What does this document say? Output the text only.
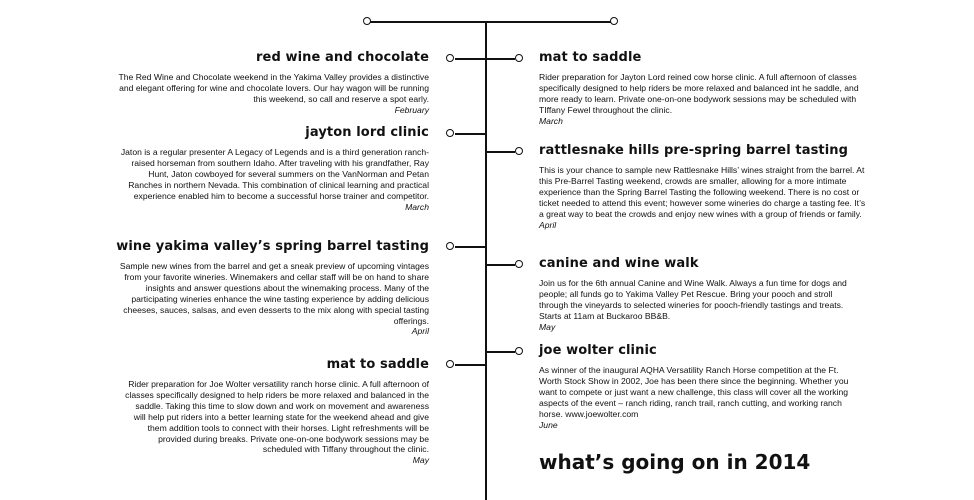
red wine and chocolate

The Red Wine and Chocolate weekend in the Yakima Valley provides a distinctive and elegant offering for wine and chocolate lovers. Our hay wagon will be running this weekend, so call and reserve a spot early.

February
jayton lord clinic

Jaton is a regular presenter A Legacy of Legends and is a third generation ranch-raised horseman from southern Idaho. After traveling with his grandfather, Ray Hunt, Jaton cowboyed for several summers on the VanNorman and Petan Ranches in northern Nevada. This combination of clinical learning and practical experience enabled him to become a successful horse trainer and competitor.

March
wine yakima valley’s spring barrel tasting

Sample new wines from the barrel and get a sneak preview of upcoming vintages from your favorite wineries. Winemakers and cellar staff will be on hand to share insights and answer questions about the winemaking process. Many of the participating wineries enhance the wine tasting experience by adding delicious cheeses, sauces, salsas, and even desserts to the mix along with special tasting offerings.

April
mat to saddle

Rider preparation for Joe Wolter versatility ranch horse clinic. A full afternoon of classes specifically designed to help riders be more relaxed and balanced in the saddle. Taking this time to slow down and work on movement and awareness will help put riders into a better learning state for the weekend ahead and give them addition tools to connect with their horses. Light refreshments will be provided during breaks. Private one-on-one bodywork sessions may be scheduled with Tiffany throughout the clinic.

May
mat to saddle

Rider preparation for Jayton Lord reined cow horse clinic. A full afternoon of classes specifically designed to help riders be more relaxed and balanced int he saddle, and more ready to learn. Private one-on-one bodywork sessions may be scheduled with TIffany Fewel throughout the clinic.

March
rattlesnake hills pre-spring barrel tasting

This is your chance to sample new Rattlesnake Hills’ wines straight from the barrel. At this Pre-Barrel Tasting weekend, crowds are smaller, allowing for a more intimate experience than the Spring Barrel Tasting the following weekend. There is no cost or ticket needed to attend this event; however some wineries do charge a tasting fee. It’s a great way to beat the crowds and enjoy new wines with a group of friends or family.

April
canine and wine walk

Join us for the 6th annual Canine and Wine Walk. Always a fun time for dogs and people; all funds go to Yakima Valley Pet Rescue. Bring your pooch and stroll through the vineyards to selected wineries for pooch-friendly tastings and treats. Starts at 11am at Buckaroo BB&B.

May
joe wolter clinic

As winner of the inaugural AQHA Versatility Ranch Horse competition at the Ft. Worth Stock Show in 2002, Joe has been there since the beginning. Whether you want to compete or just want a new challenge, this class will cover all the working aspects of the event – ranch riding, ranch trail, ranch cutting, and working ranch horse. www.joewolter.com

June
what’s going on in 2014
